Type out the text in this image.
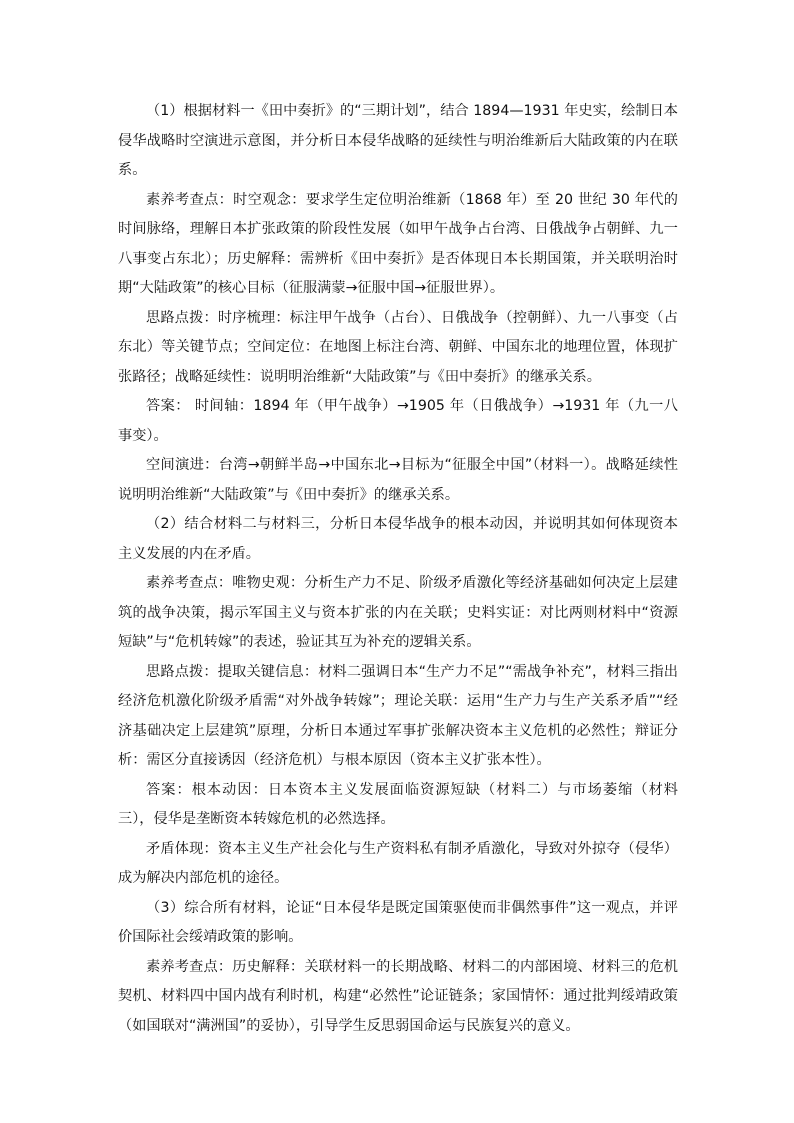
（1）根据材料一《田中奏折》的“三期计划”，结合 1894—1931 年史实，绘制日本侵华战略时空演进示意图，并分析日本侵华战略的延续性与明治维新后大陆政策的内在联系。

素养考查点：时空观念：要求学生定位明治维新（1868 年）至 20 世纪 30 年代的时间脉络，理解日本扩张政策的阶段性发展（如甲午战争占台湾、日俄战争占朝鲜、九一八事变占东北）；历史解释：需辨析《田中奏折》是否体现日本长期国策，并关联明治时期“大陆政策”的核心目标（征服满蒙→征服中国→征服世界）。

思路点拨：时序梳理：标注甲午战争（占台）、日俄战争（控朝鲜）、九一八事变（占东北）等关键节点；空间定位：在地图上标注台湾、朝鲜、中国东北的地理位置，体现扩张路径；战略延续性：说明明治维新“大陆政策”与《田中奏折》的继承关系。

答案： 时间轴：1894 年（甲午战争）→1905 年（日俄战争）→1931 年（九一八事变）。

空间演进：台湾→朝鲜半岛→中国东北→目标为“征服全中国”（材料一）。战略延续性说明明治维新“大陆政策”与《田中奏折》的继承关系。

（2）结合材料二与材料三，分析日本侵华战争的根本动因，并说明其如何体现资本主义发展的内在矛盾。

素养考查点：唯物史观：分析生产力不足、阶级矛盾激化等经济基础如何决定上层建筑的战争决策，揭示军国主义与资本扩张的内在关联；史料实证：对比两则材料中“资源短缺”与“危机转嫁”的表述，验证其互为补充的逻辑关系。

思路点拨：提取关键信息：材料二强调日本“生产力不足”“需战争补充”，材料三指出经济危机激化阶级矛盾需“对外战争转嫁”；理论关联：运用“生产力与生产关系矛盾”“经济基础决定上层建筑”原理，分析日本通过军事扩张解决资本主义危机的必然性；辩证分析：需区分直接诱因（经济危机）与根本原因（资本主义扩张本性）。

答案：根本动因：日本资本主义发展面临资源短缺（材料二）与市场萎缩（材料三），侵华是垄断资本转嫁危机的必然选择。

矛盾体现：资本主义生产社会化与生产资料私有制矛盾激化，导致对外掠夺（侵华）成为解决内部危机的途径。

（3）综合所有材料，论证“日本侵华是既定国策驱使而非偶然事件”这一观点，并评价国际社会绥靖政策的影响。

素养考查点：历史解释：关联材料一的长期战略、材料二的内部困境、材料三的危机契机、材料四中国内战有利时机，构建“必然性”论证链条；家国情怀：通过批判绥靖政策（如国联对“满洲国”的妥协），引导学生反思弱国命运与民族复兴的意义。
